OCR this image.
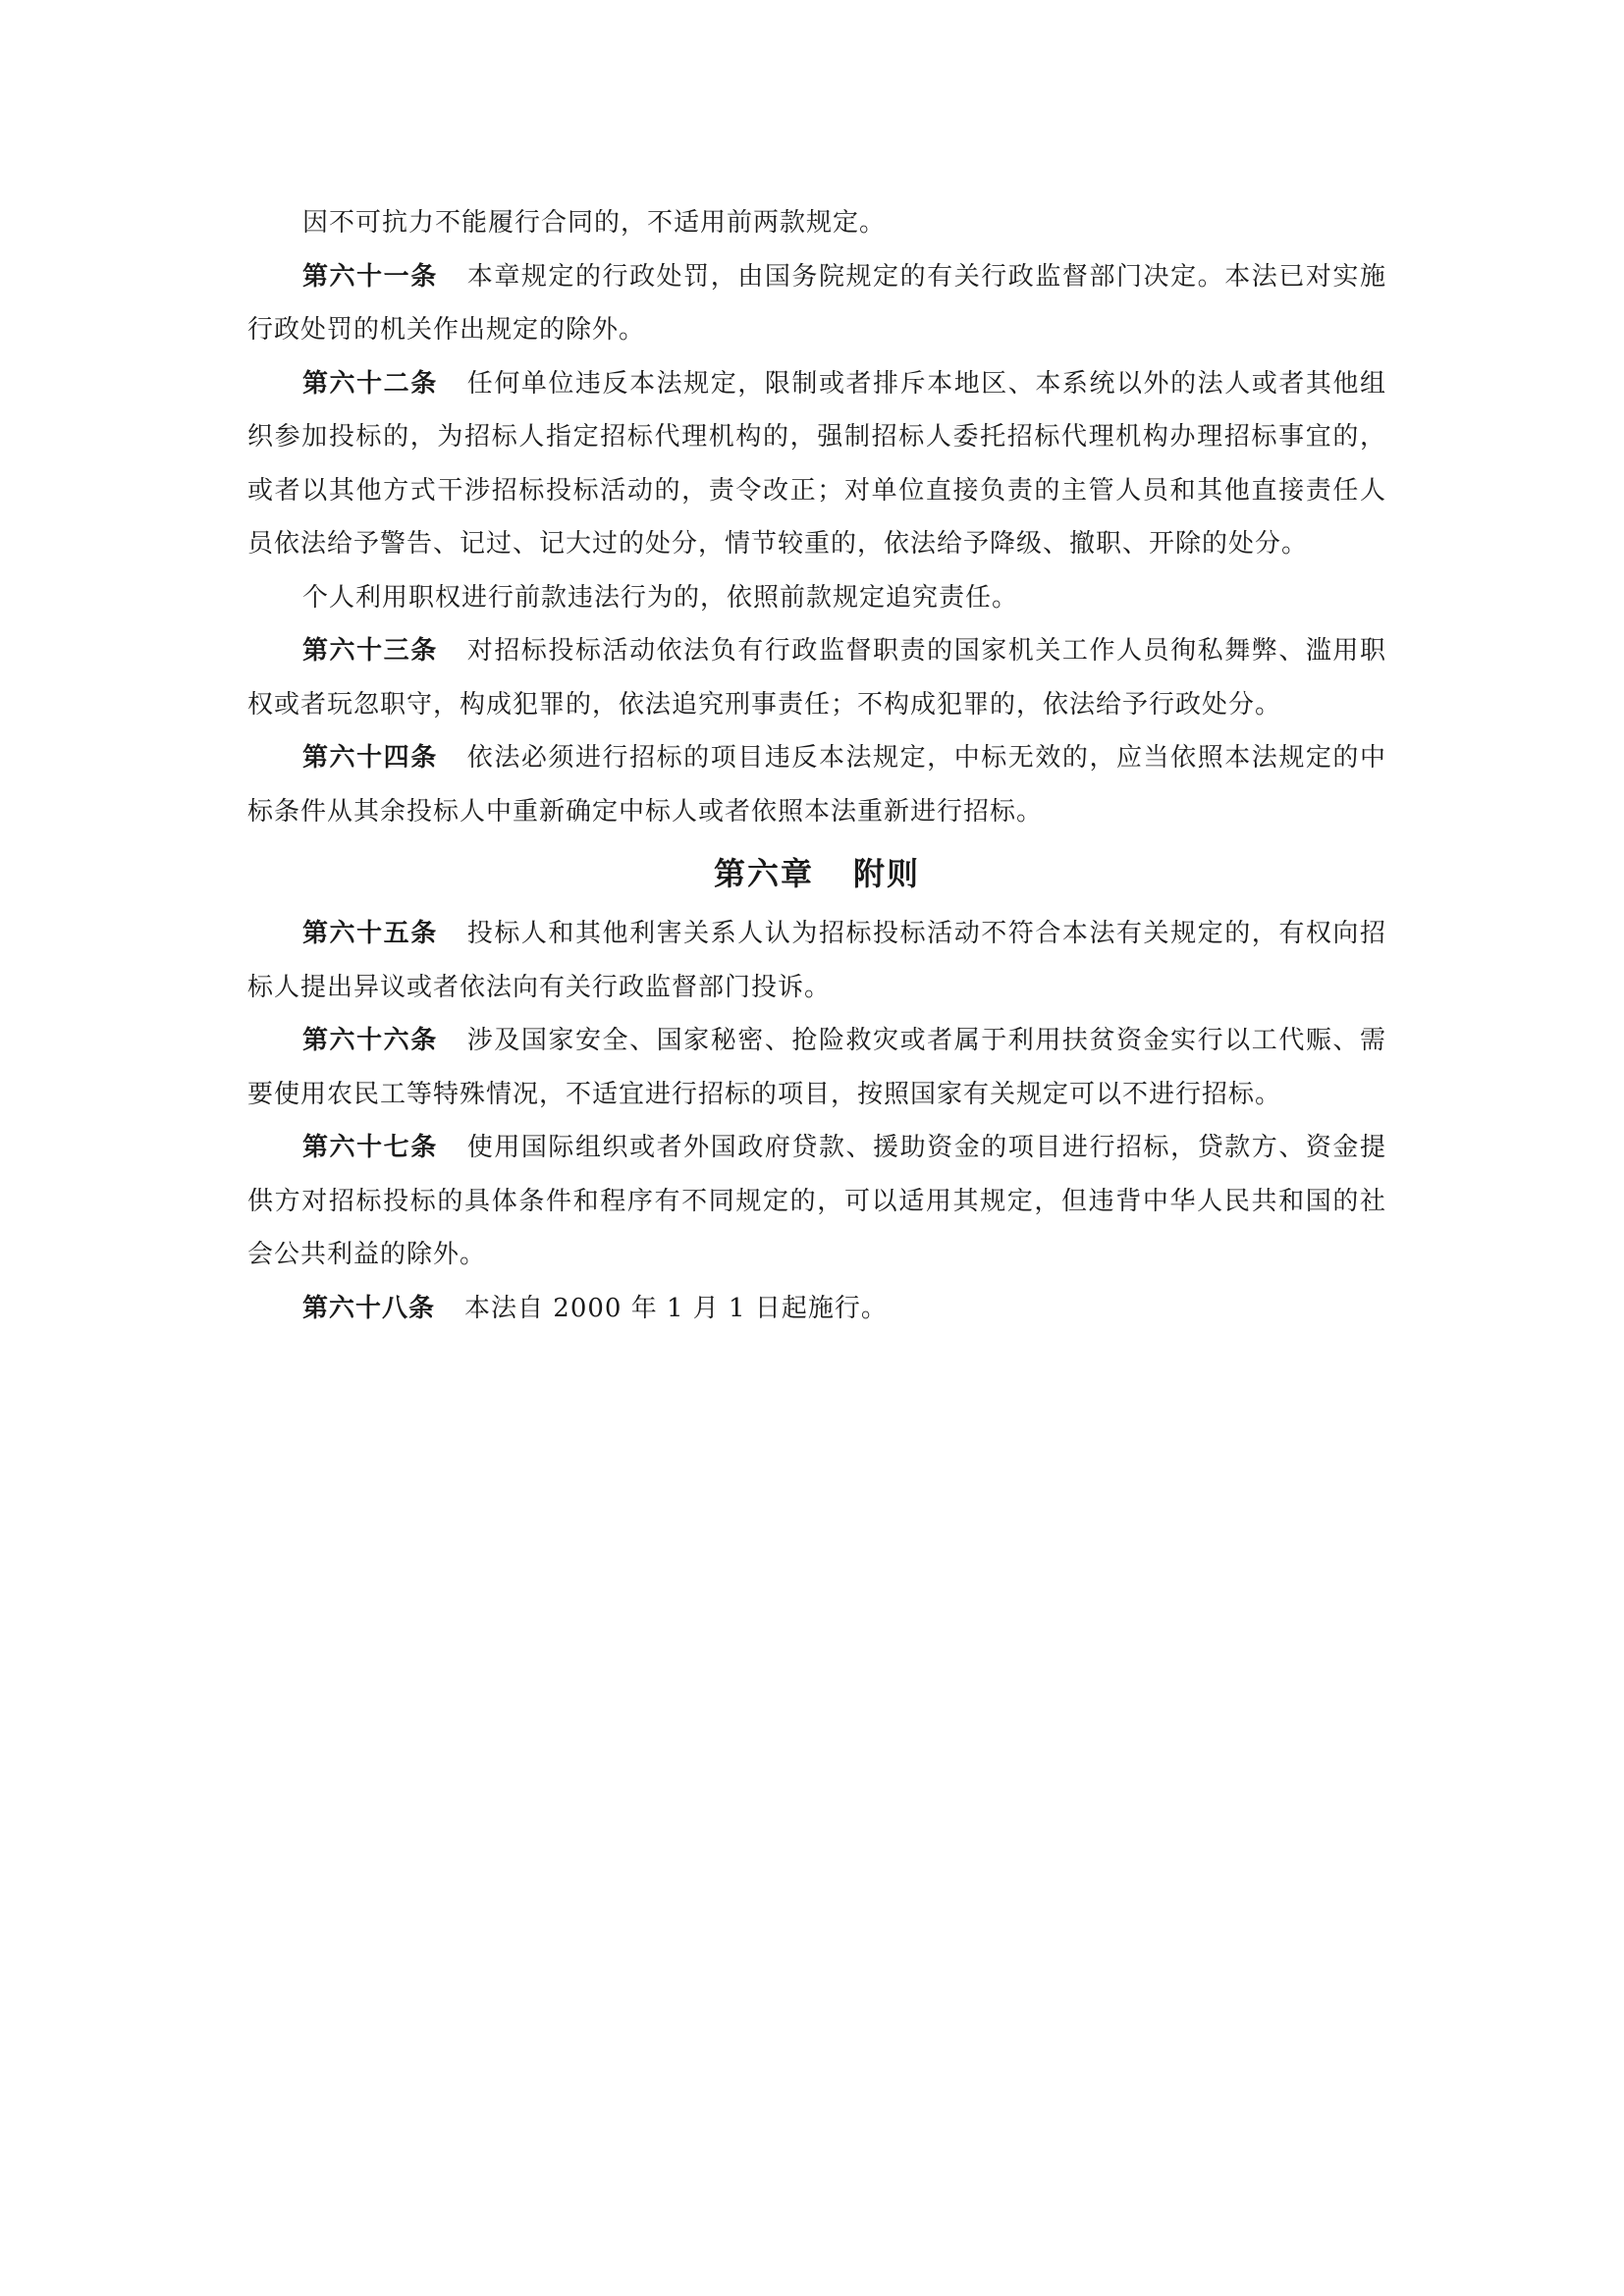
因不可抗力不能履行合同的，不适用前两款规定。

第六十一条 本章规定的行政处罚，由国务院规定的有关行政监督部门决定。本法已对实施行政处罚的机关作出规定的除外。

第六十二条 任何单位违反本法规定，限制或者排斥本地区、本系统以外的法人或者其他组织参加投标的，为招标人指定招标代理机构的，强制招标人委托招标代理机构办理招标事宜的，或者以其他方式干涉招标投标活动的，责令改正；对单位直接负责的主管人员和其他直接责任人员依法给予警告、记过、记大过的处分，情节较重的，依法给予降级、撤职、开除的处分。

个人利用职权进行前款违法行为的，依照前款规定追究责任。

第六十三条 对招标投标活动依法负有行政监督职责的国家机关工作人员徇私舞弊、滥用职权或者玩忽职守，构成犯罪的，依法追究刑事责任；不构成犯罪的，依法给予行政处分。

第六十四条 依法必须进行招标的项目违反本法规定，中标无效的，应当依照本法规定的中标条件从其余投标人中重新确定中标人或者依照本法重新进行招标。

第六章 附则

第六十五条 投标人和其他利害关系人认为招标投标活动不符合本法有关规定的，有权向招标人提出异议或者依法向有关行政监督部门投诉。

第六十六条 涉及国家安全、国家秘密、抢险救灾或者属于利用扶贫资金实行以工代赈、需要使用农民工等特殊情况，不适宜进行招标的项目，按照国家有关规定可以不进行招标。

第六十七条 使用国际组织或者外国政府贷款、援助资金的项目进行招标，贷款方、资金提供方对招标投标的具体条件和程序有不同规定的，可以适用其规定，但违背中华人民共和国的社会公共利益的除外。

第六十八条 本法自 2000 年 1 月 1 日起施行。
